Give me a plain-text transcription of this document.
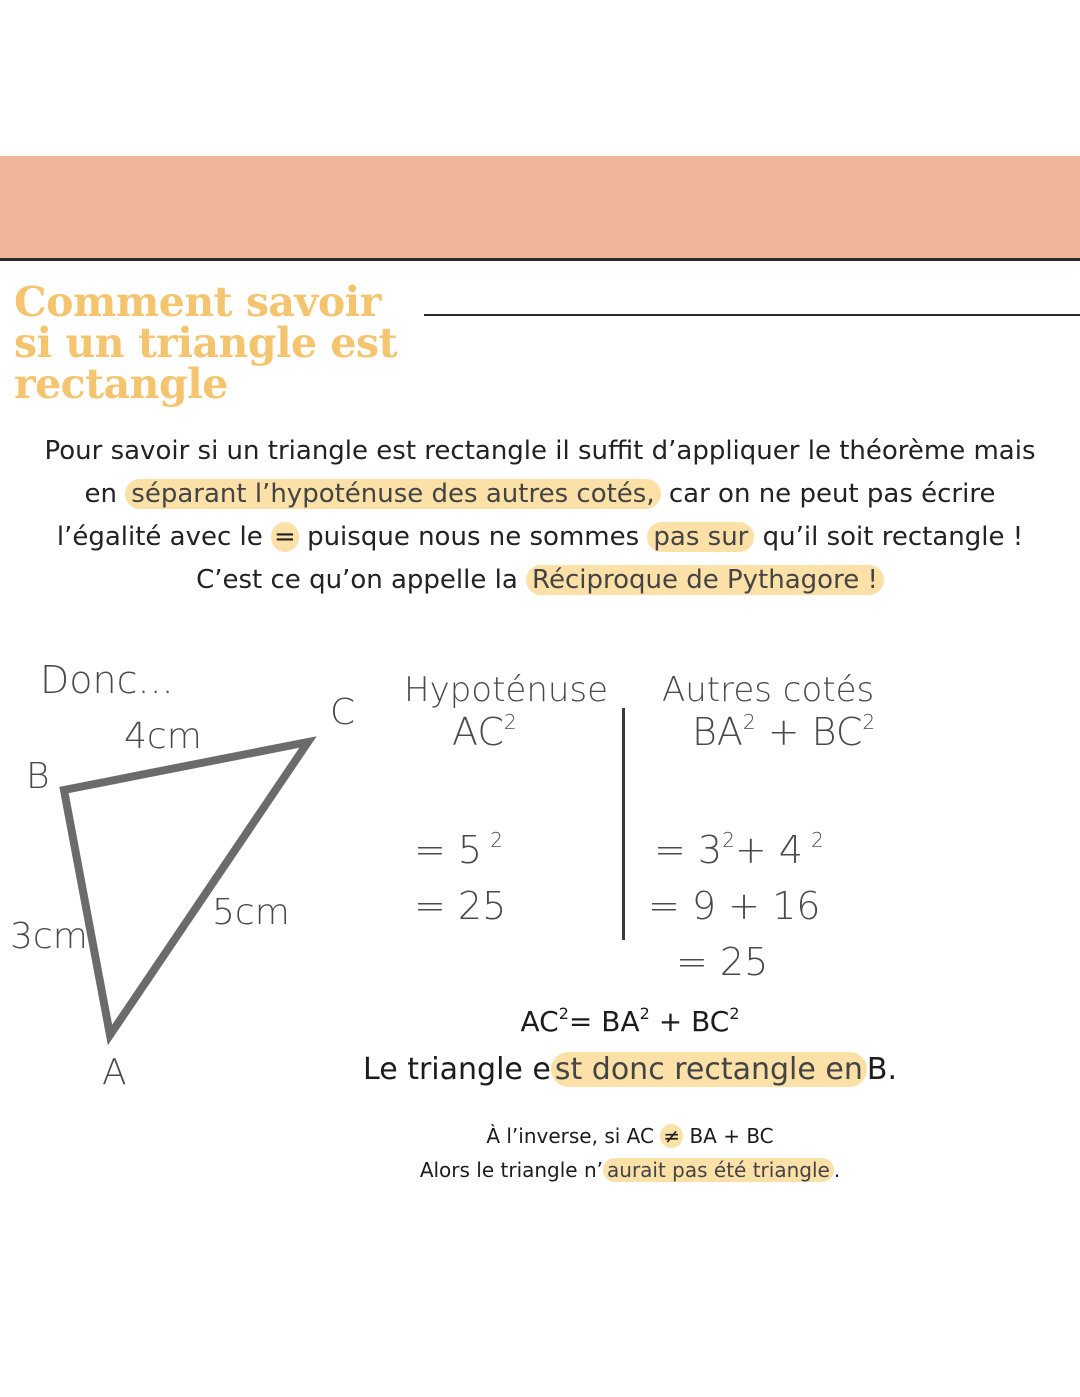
Comment savoir
si un triangle est
rectangle
Pour savoir si un triangle est rectangle il suffit d’appliquer le théorème mais en séparant l’hypoténuse des autres cotés, car on ne peut pas écrire l’égalité avec le = puisque nous ne sommes pas sur qu’il soit rectangle ! C’est ce qu’on appelle la Réciproque de Pythagore !
Donc...
4cm
C
B
5cm
3cm
A
Hypoténuse
$AC^2$
= 5 $^2$
= 25
Autres cotés
$BA^2 + BC^2$
= $3^2+ 4$ $^2$
= 9 + 16
= 25
$AC^2= BA^2 + BC^2$
Le triangle e st donc rectangle en B.
À l’inverse, si AC ≠ BA + BC
Alors le triangle n’ aurait pas été triangle .
